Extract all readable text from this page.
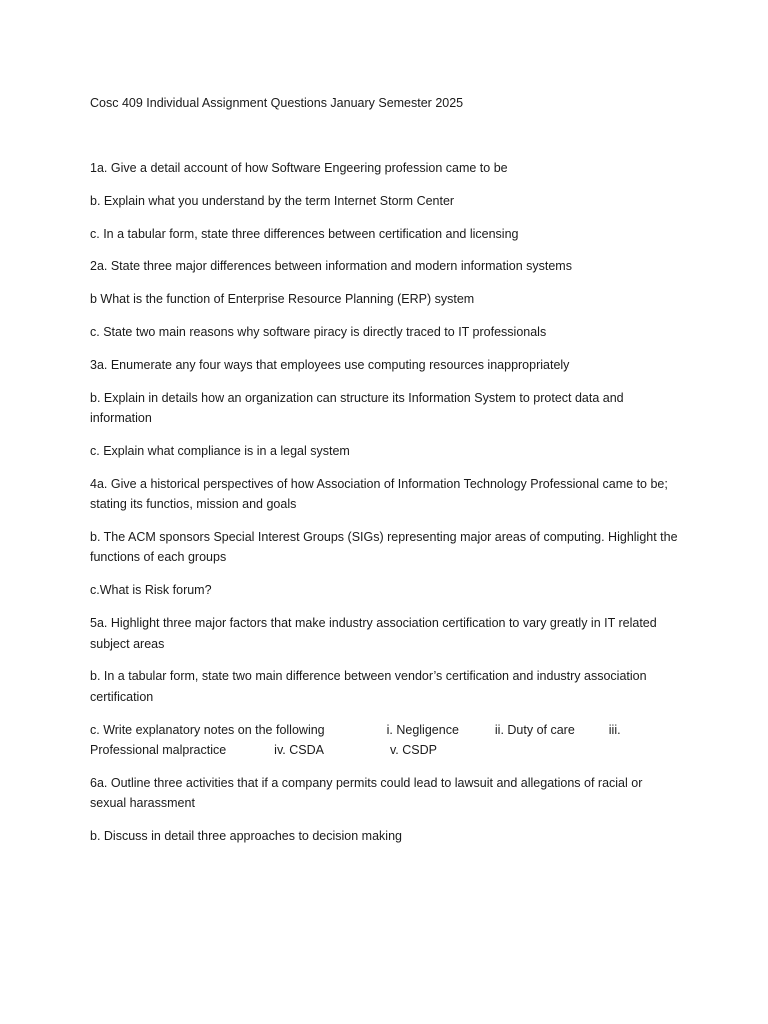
Cosc 409 Individual Assignment Questions January Semester 2025

1a. Give a detail account of how Software Engeering profession came to be

b. Explain what you understand by the term Internet Storm Center

c. In a tabular form, state three differences between certification and licensing

2a. State three major differences between information and modern information systems

b What is the function of Enterprise Resource Planning (ERP) system

c. State two main reasons why software piracy is directly traced to IT professionals

3a. Enumerate any four ways that employees use computing resources inappropriately

b. Explain in details how an organization can structure its Information System to protect data and information

c. Explain what compliance is in a legal system

4a. Give a historical perspectives of how Association of Information Technology Professional came to be; stating its functios, mission and goals

b. The ACM sponsors Special Interest Groups (SIGs) representing major areas of computing. Highlight the functions of each groups

c.What is Risk forum?

5a. Highlight three major factors that make industry association certification to vary greatly in IT related subject areas

b. In a tabular form, state two main difference between vendor’s certification and industry association certification

c. Write explanatory notes on the following	i. Negligence	ii. Duty of care	iii. Professional malpractice	iv. CSDA	v. CSDP

6a. Outline three activities that if a company permits could lead to lawsuit and allegations of racial or sexual harassment

b. Discuss in detail three approaches to decision making
